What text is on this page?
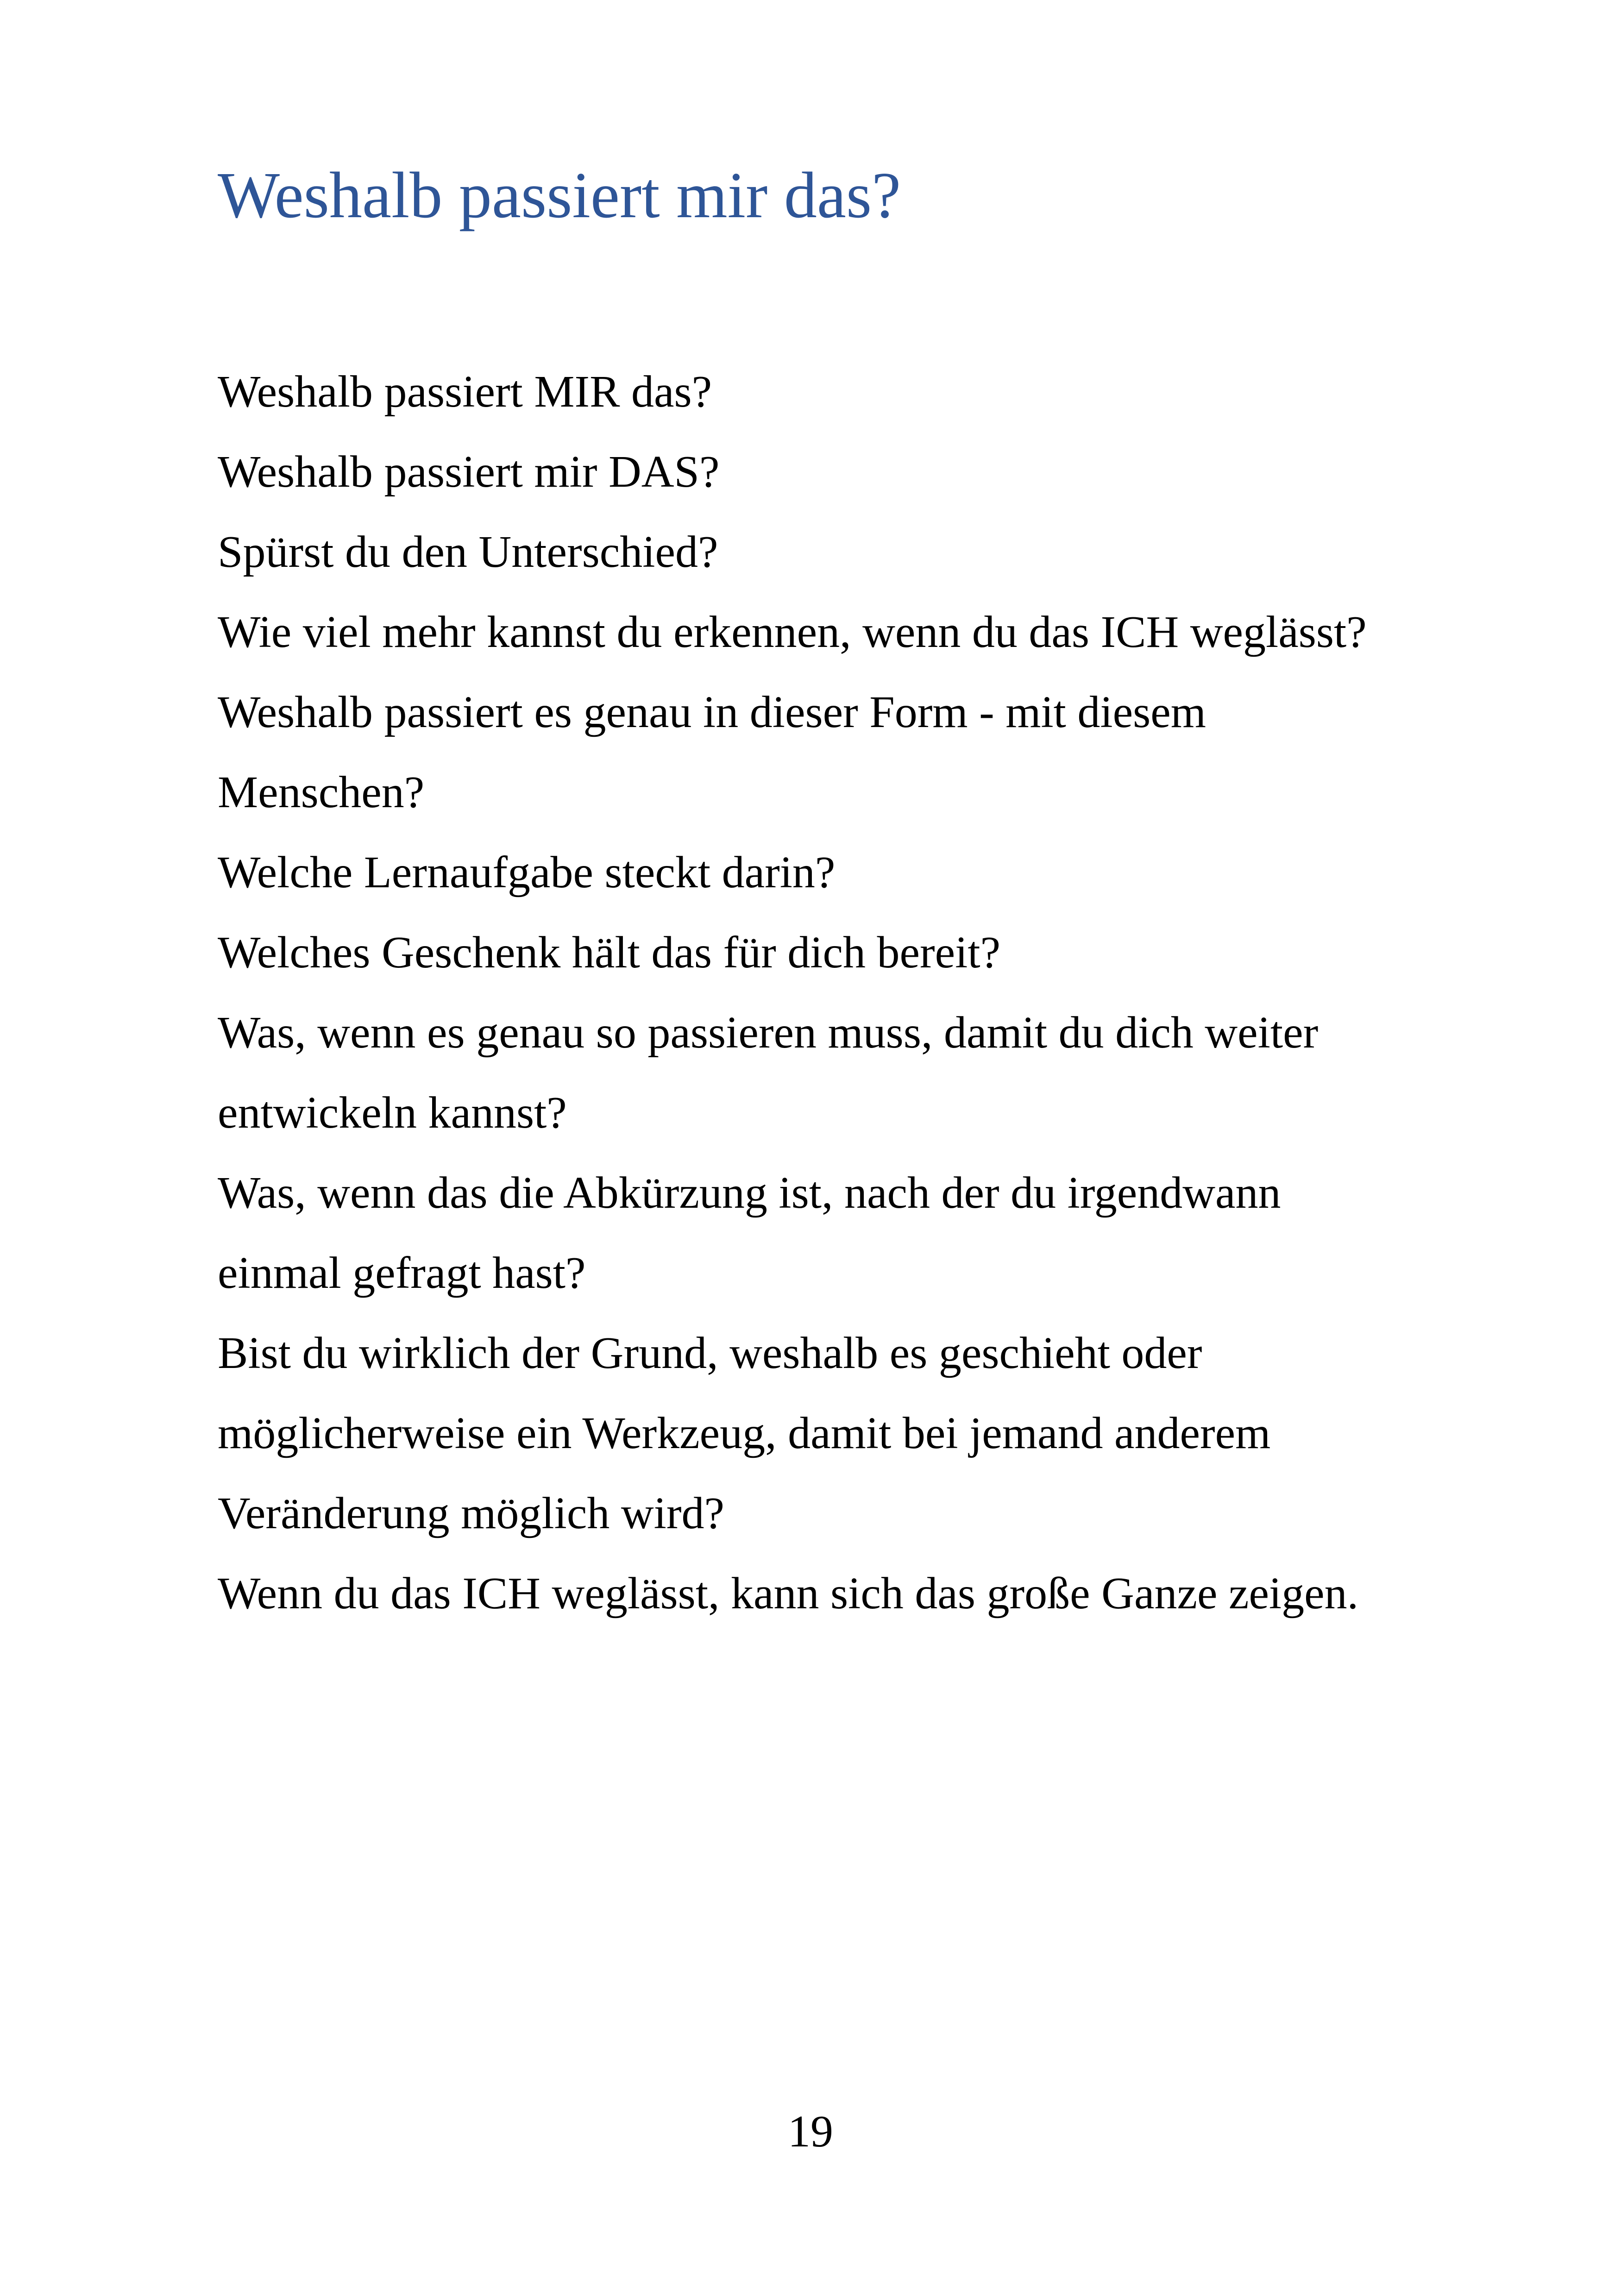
Weshalb passiert mir das?

Weshalb passiert MIR das?

Weshalb passiert mir DAS?

Spürst du den Unterschied?

Wie viel mehr kannst du erkennen, wenn du das ICH weglässt?

Weshalb passiert es genau in dieser Form - mit diesem

Menschen?

Welche Lernaufgabe steckt darin?

Welches Geschenk hält das für dich bereit?

Was, wenn es genau so passieren muss, damit du dich weiter

entwickeln kannst?

Was, wenn das die Abkürzung ist, nach der du irgendwann

einmal gefragt hast?

Bist du wirklich der Grund, weshalb es geschieht oder

möglicherweise ein Werkzeug, damit bei jemand anderem

Veränderung möglich wird?

Wenn du das ICH weglässt, kann sich das große Ganze zeigen.

19
